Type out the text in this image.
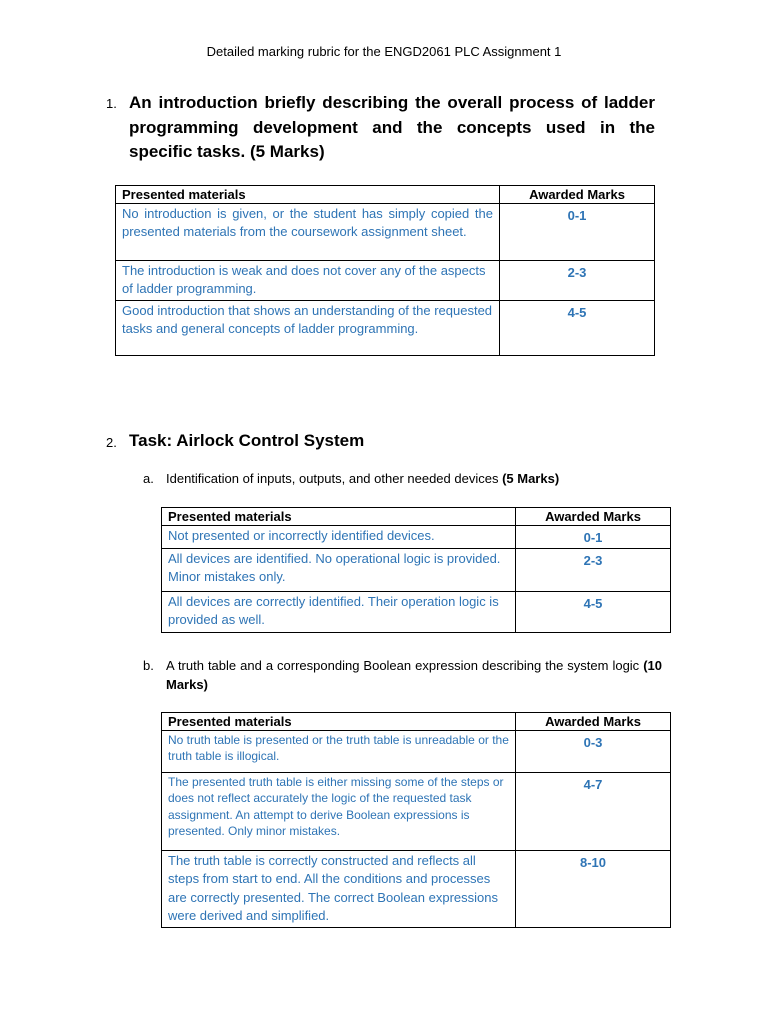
Detailed marking rubric for the ENGD2061 PLC Assignment 1
1. An introduction briefly describing the overall process of ladder programming development and the concepts used in the specific tasks. (5 Marks)
Presented materials	Awarded Marks
No introduction is given, or the student has simply copied the presented materials from the coursework assignment sheet.	0-1
The introduction is weak and does not cover any of the aspects of ladder programming.	2-3
Good introduction that shows an understanding of the requested tasks and general concepts of ladder programming.	4-5
2. Task: Airlock Control System
a. Identification of inputs, outputs, and other needed devices (5 Marks)
Presented materials	Awarded Marks
Not presented or incorrectly identified devices.	0-1
All devices are identified. No operational logic is provided. Minor mistakes only.	2-3
All devices are correctly identified. Their operation logic is provided as well.	4-5
b. A truth table and a corresponding Boolean expression describing the system logic (10 Marks)
Presented materials	Awarded Marks
No truth table is presented or the truth table is unreadable or the truth table is illogical.	0-3
The presented truth table is either missing some of the steps or does not reflect accurately the logic of the requested task assignment. An attempt to derive Boolean expressions is presented. Only minor mistakes.	4-7
The truth table is correctly constructed and reflects all steps from start to end. All the conditions and processes are correctly presented. The correct Boolean expressions were derived and simplified.	8-10
